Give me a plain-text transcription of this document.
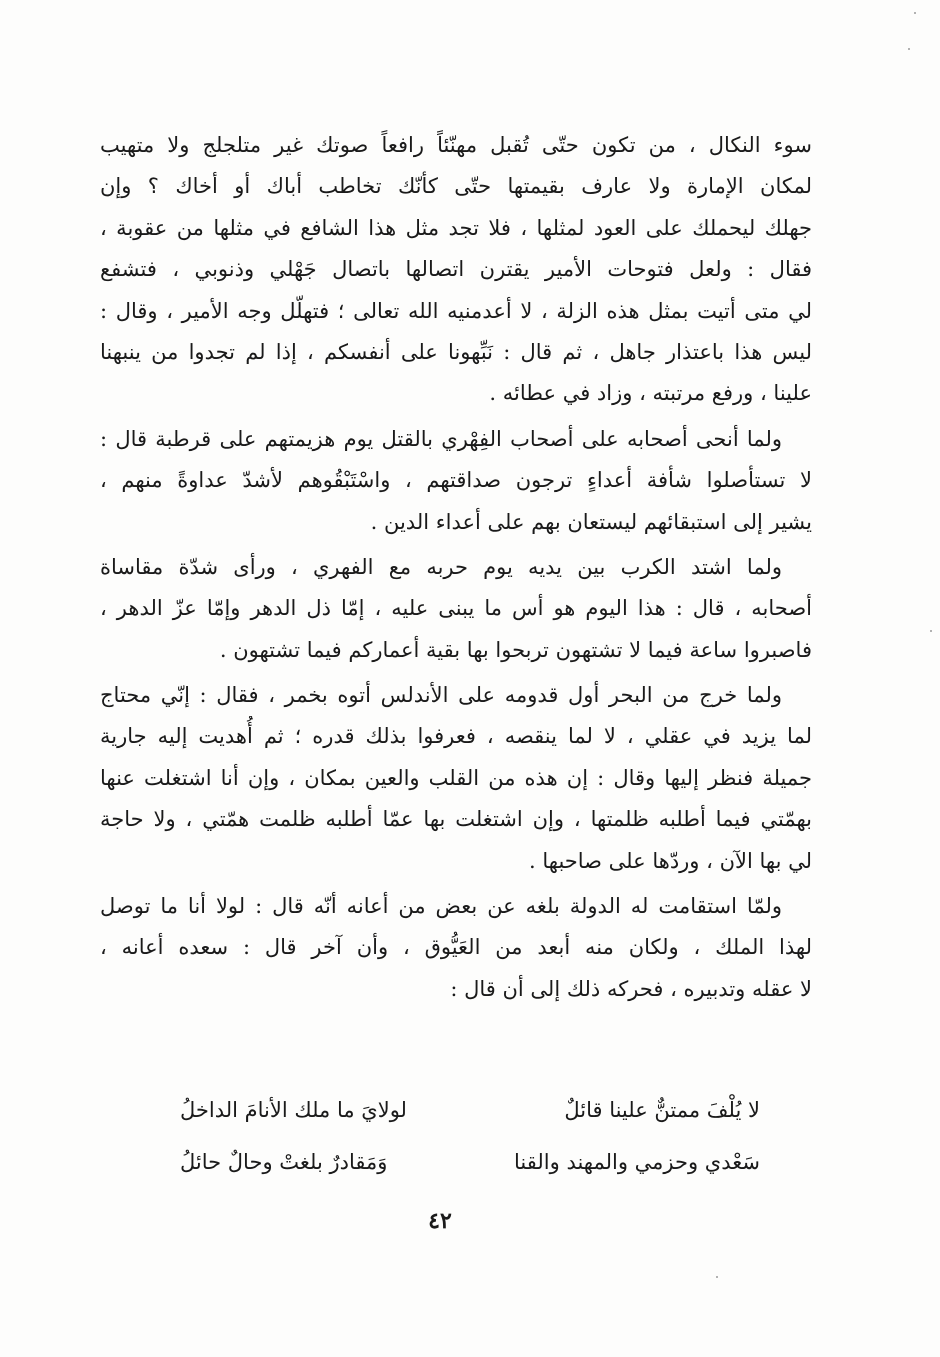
سوء النكال ، من تكون حتّى تُقبل مهنّئاً رافعاً صوتك غير متلجلج ولا متهيب
لمكان الإمارة ولا عارف بقيمتها حتّى كأنّك تخاطب أباك أو أخاك ؟ وإن
جهلك ليحملك على العود لمثلها ، فلا تجد مثل هذا الشافع في مثلها من عقوبة ،
فقال : ولعل فتوحات الأمير يقترن اتصالها باتصال جَهْلي وذنوبي ، فتشفع
لي متى أتيت بمثل هذه الزلة ، لا أعدمنيه الله تعالى ؛ فتهلّل وجه الأمير ، وقال :
ليس هذا باعتذار جاهل ، ثم قال : نَبِّهونا على أنفسكم ، إذا لم تجدوا من ينبهنا
علينا ، ورفع مرتبته ، وزاد في عطائه .
ولما أنحى أصحابه على أصحاب الفِهْري بالقتل يوم هزيمتهم على قرطبة قال :
لا تستأصلوا شأفة أعداءٍ ترجون صداقتهم ، واسْتَبْقُوهم لأشدّ عداوةً منهم ،
يشير إلى استبقائهم ليستعان بهم على أعداء الدين .
ولما اشتد الكرب بين يديه يوم حربه مع الفهري ، ورأى شدّة مقاساة
أصحابه ، قال : هذا اليوم هو أس ما يبنى عليه ، إمّا ذل الدهر وإمّا عزّ الدهر ،
فاصبروا ساعة فيما لا تشتهون تربحوا بها بقية أعماركم فيما تشتهون .
ولما خرج من البحر أول قدومه على الأندلس أتوه بخمر ، فقال : إنّي محتاج
لما يزيد في عقلي ، لا لما ينقصه ، فعرفوا بذلك قدره ؛ ثم أُهديت إليه جارية
جميلة فنظر إليها وقال : إن هذه من القلب والعين بمكان ، وإن أنا اشتغلت عنها
بهمّتي فيما أطلبه ظلمتها ، وإن اشتغلت بها عمّا أطلبه ظلمت همّتي ، ولا حاجة
لي بها الآن ، وردّها على صاحبها .
ولمّا استقامت له الدولة بلغه عن بعض من أعانه أنّه قال : لولا أنا ما توصل
لهذا الملك ، ولكان منه أبعد من العَيُّوق ، وأن آخر قال : سعده أعانه ،
لا عقله وتدبيره ، فحركه ذلك إلى أن قال :
لا يُلْفَ ممتنٌّ علينا قائلٌ
لولايَ ما ملك الأنامَ الداخلُ
سَعْدي وحزمي والمهند والقنا
وَمَقادرٌ بلغتْ وحالٌ حائلُ
٤٢
